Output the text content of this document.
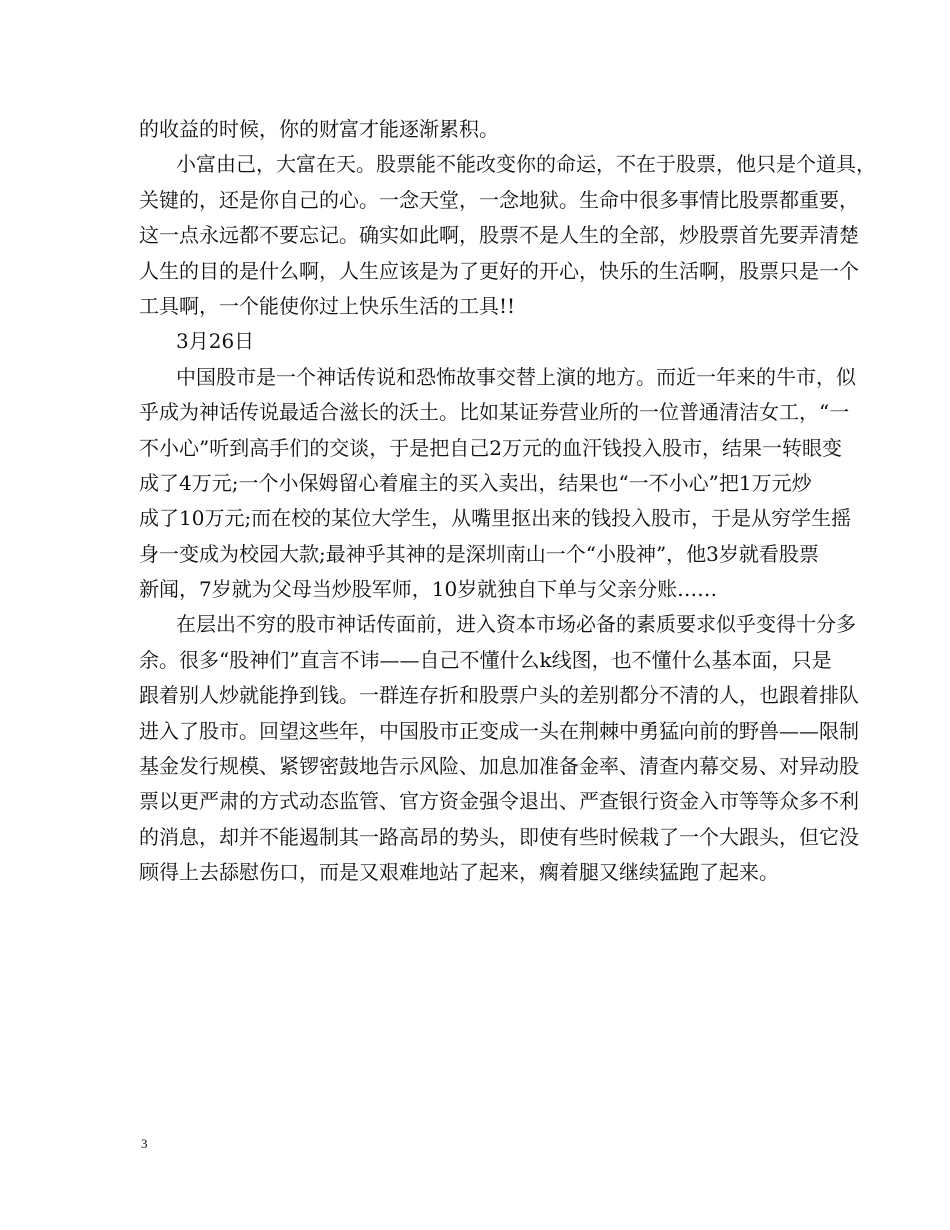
的收益的时候，你的财富才能逐渐累积。
小富由己，大富在天。股票能不能改变你的命运，不在于股票，他只是个道具，
关键的，还是你自己的心。一念天堂，一念地狱。生命中很多事情比股票都重要，
这一点永远都不要忘记。确实如此啊，股票不是人生的全部，炒股票首先要弄清楚
人生的目的是什么啊，人生应该是为了更好的开心，快乐的生活啊，股票只是一个
工具啊，一个能使你过上快乐生活的工具!!
3月26日
中国股市是一个神话传说和恐怖故事交替上演的地方。而近一年来的牛市，似
乎成为神话传说最适合滋长的沃土。比如某证券营业所的一位普通清洁女工，“一
不小心”听到高手们的交谈，于是把自己2万元的血汗钱投入股市，结果一转眼变
成了4万元;一个小保姆留心着雇主的买入卖出，结果也“一不小心”把1万元炒
成了10万元;而在校的某位大学生，从嘴里抠出来的钱投入股市，于是从穷学生摇
身一变成为校园大款;最神乎其神的是深圳南山一个“小股神”，他3岁就看股票
新闻，7岁就为父母当炒股军师，10岁就独自下单与父亲分账……
在层出不穷的股市神话传面前，进入资本市场必备的素质要求似乎变得十分多
余。很多“股神们”直言不讳——自己不懂什么k线图，也不懂什么基本面，只是
跟着别人炒就能挣到钱。一群连存折和股票户头的差别都分不清的人，也跟着排队
进入了股市。回望这些年，中国股市正变成一头在荆棘中勇猛向前的野兽——限制
基金发行规模、紧锣密鼓地告示风险、加息加准备金率、清查内幕交易、对异动股
票以更严肃的方式动态监管、官方资金强令退出、严查银行资金入市等等众多不利
的消息，却并不能遏制其一路高昂的势头，即使有些时候栽了一个大跟头，但它没
顾得上去舔慰伤口，而是又艰难地站了起来，瘸着腿又继续猛跑了起来。
3
